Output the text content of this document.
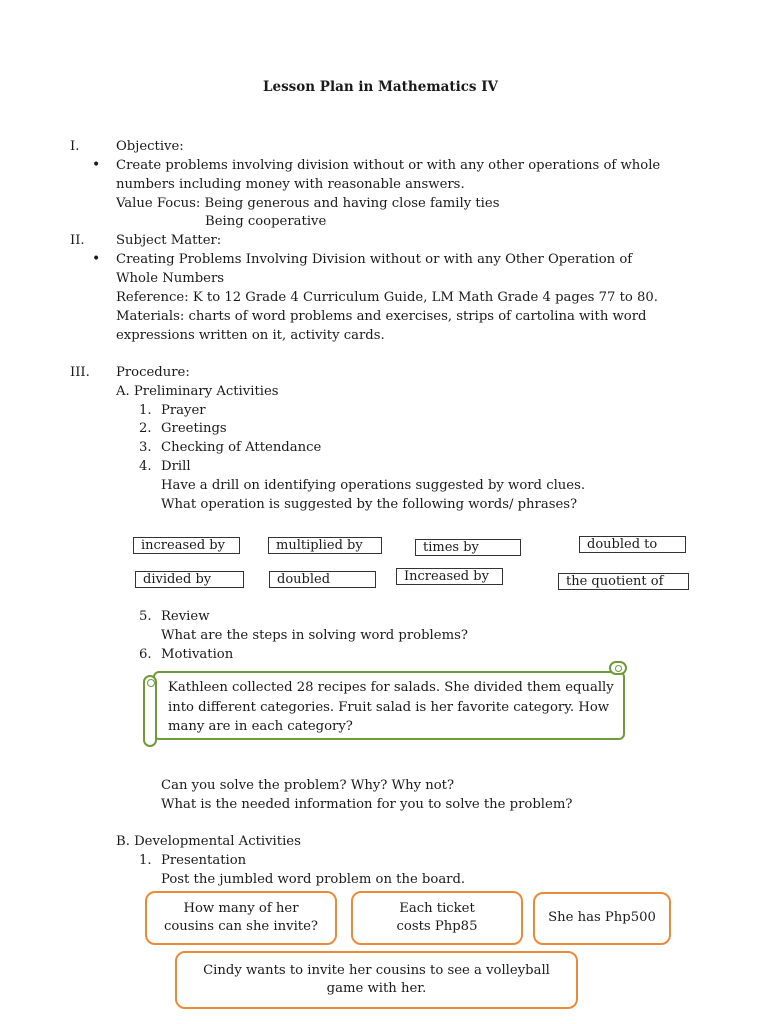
Lesson Plan in Mathematics IV
I.	Objective:
• Create problems involving division without or with any other operations of whole
numbers including money with reasonable answers.
Value Focus: Being generous and having close family ties
Being cooperative
II. Subject Matter:
• Creating Problems Involving Division without or with any Other Operation of
Whole Numbers
Reference: K to 12 Grade 4 Curriculum Guide, LM Math Grade 4 pages 77 to 80.
Materials: charts of word problems and exercises, strips of cartolina with word
expressions written on it, activity cards.
III. Procedure:
A. Preliminary Activities
1. Prayer
2. Greetings
3. Checking of Attendance
4. Drill
Have a drill on identifying operations suggested by word clues.
What operation is suggested by the following words/ phrases?
increased by	multiplied by	times by	doubled to
divided by	doubled	Increased by	the quotient of
5. Review
What are the steps in solving word problems?
6. Motivation
Kathleen collected 28 recipes for salads. She divided them equally into different categories. Fruit salad is her favorite category. How many are in each category?
Can you solve the problem? Why? Why not?
What is the needed information for you to solve the problem?
B. Developmental Activities
1. Presentation
Post the jumbled word problem on the board.
How many of her cousins can she invite?
Each ticket costs Php85
She has Php500
Cindy wants to invite her cousins to see a volleyball game with her.
